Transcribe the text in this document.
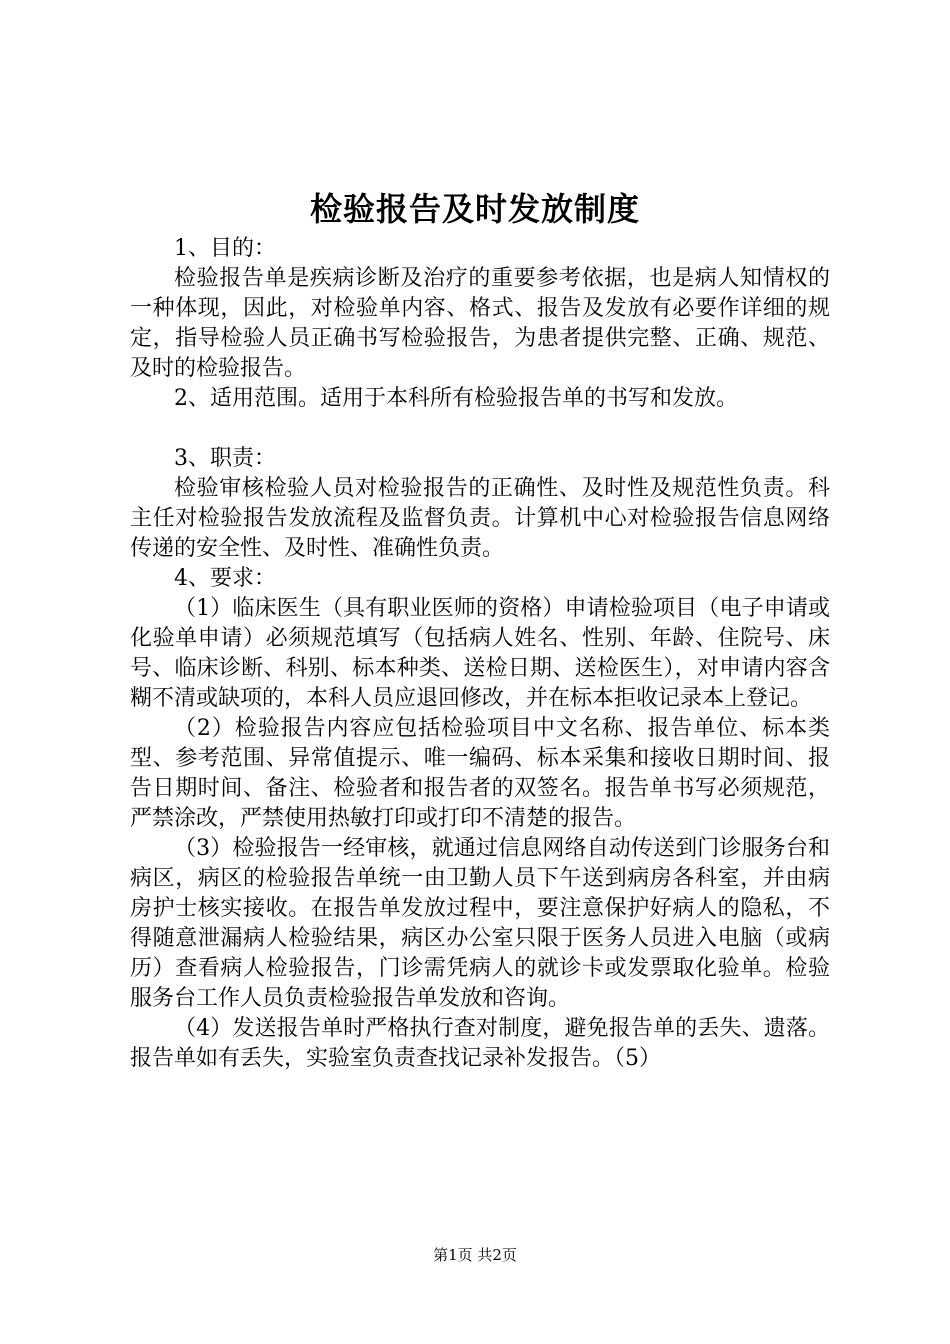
检验报告及时发放制度

1、目的：

检验报告单是疾病诊断及治疗的重要参考依据，也是病人知情权的一种体现，因此，对检验单内容、格式、报告及发放有必要作详细的规定，指导检验人员正确书写检验报告，为患者提供完整、正确、规范、及时的检验报告。

2、适用范围。适用于本科所有检验报告单的书写和发放。

3、职责：

检验审核检验人员对检验报告的正确性、及时性及规范性负责。科主任对检验报告发放流程及监督负责。计算机中心对检验报告信息网络传递的安全性、及时性、准确性负责。

4、要求：

（1）临床医生（具有职业医师的资格）申请检验项目（电子申请或化验单申请）必须规范填写（包括病人姓名、性别、年龄、住院号、床号、临床诊断、科别、标本种类、送检日期、送检医生），对申请内容含糊不清或缺项的，本科人员应退回修改，并在标本拒收记录本上登记。

（2）检验报告内容应包括检验项目中文名称、报告单位、标本类型、参考范围、异常值提示、唯一编码、标本采集和接收日期时间、报告日期时间、备注、检验者和报告者的双签名。报告单书写必须规范，严禁涂改，严禁使用热敏打印或打印不清楚的报告。

（3）检验报告一经审核，就通过信息网络自动传送到门诊服务台和病区，病区的检验报告单统一由卫勤人员下午送到病房各科室，并由病房护士核实接收。在报告单发放过程中，要注意保护好病人的隐私，不得随意泄漏病人检验结果，病区办公室只限于医务人员进入电脑（或病历）查看病人检验报告，门诊需凭病人的就诊卡或发票取化验单。检验服务台工作人员负责检验报告单发放和咨询。

（4）发送报告单时严格执行查对制度，避免报告单的丢失、遗落。报告单如有丢失，实验室负责查找记录补发报告。（5）

第1页 共2页
